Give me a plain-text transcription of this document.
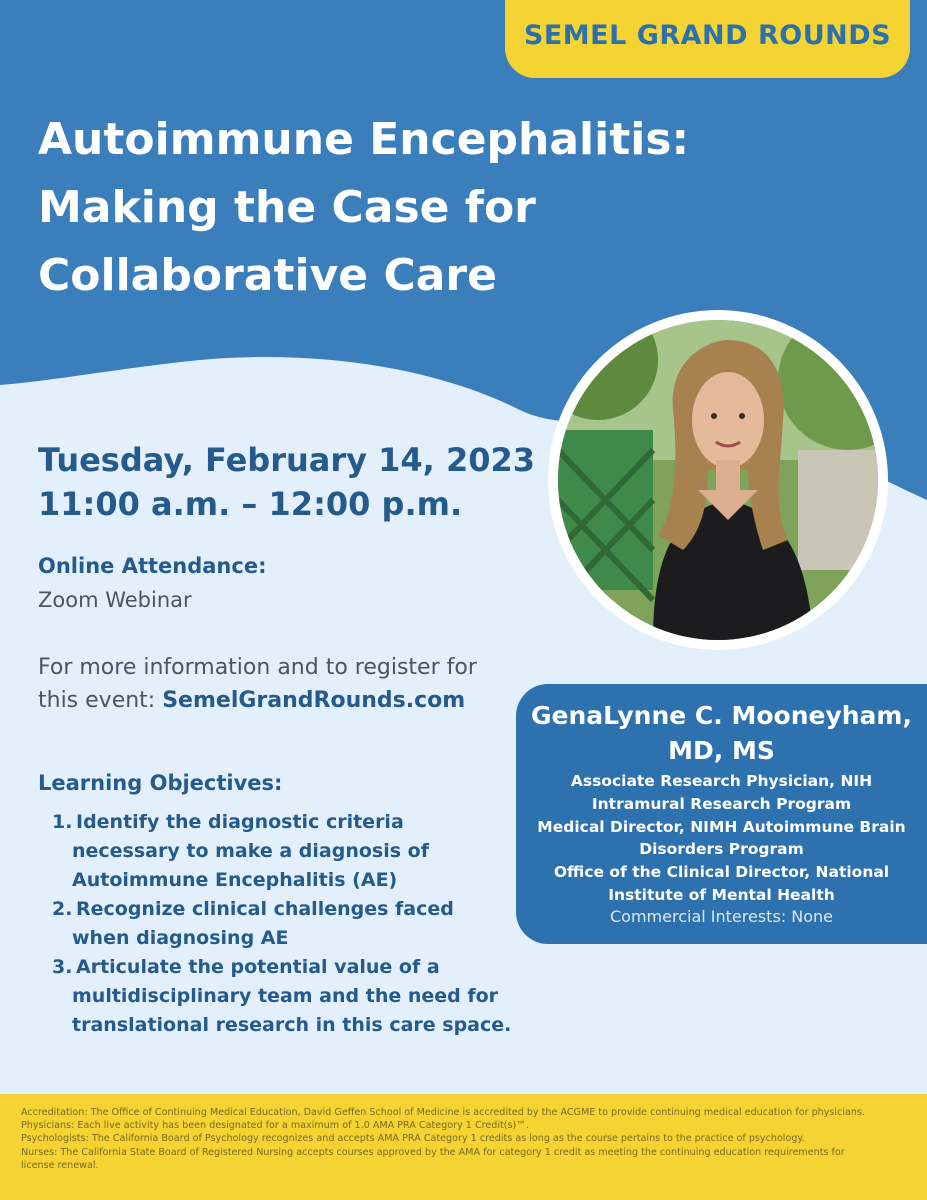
SEMEL GRAND ROUNDS
Autoimmune Encephalitis:
Making the Case for
Collaborative Care
Tuesday, February 14, 2023
11:00 a.m. – 12:00 p.m.
Online Attendance:
Zoom Webinar
For more information and to register for
this event: SemelGrandRounds.com
Learning Objectives:
1. Identify the diagnostic criteria
necessary to make a diagnosis of
Autoimmune Encephalitis (AE)
2. Recognize clinical challenges faced
when diagnosing AE
3. Articulate the potential value of a
multidisciplinary team and the need for
translational research in this care space.
GenaLynne C. Mooneyham,
MD, MS
Associate Research Physician, NIH
Intramural Research Program
Medical Director, NIMH Autoimmune Brain
Disorders Program
Office of the Clinical Director, National
Institute of Mental Health
Commercial Interests: None
Accreditation: The Office of Continuing Medical Education, David Geffen School of Medicine is accredited by the ACGME to provide continuing medical education for physicians.
Physicians: Each live activity has been designated for a maximum of 1.0 AMA PRA Category 1 Credit(s)™.
Psychologists: The California Board of Psychology recognizes and accepts AMA PRA Category 1 credits as long as the course pertains to the practice of psychology.
Nurses: The California State Board of Registered Nursing accepts courses approved by the AMA for category 1 credit as meeting the continuing education requirements for
license renewal.
